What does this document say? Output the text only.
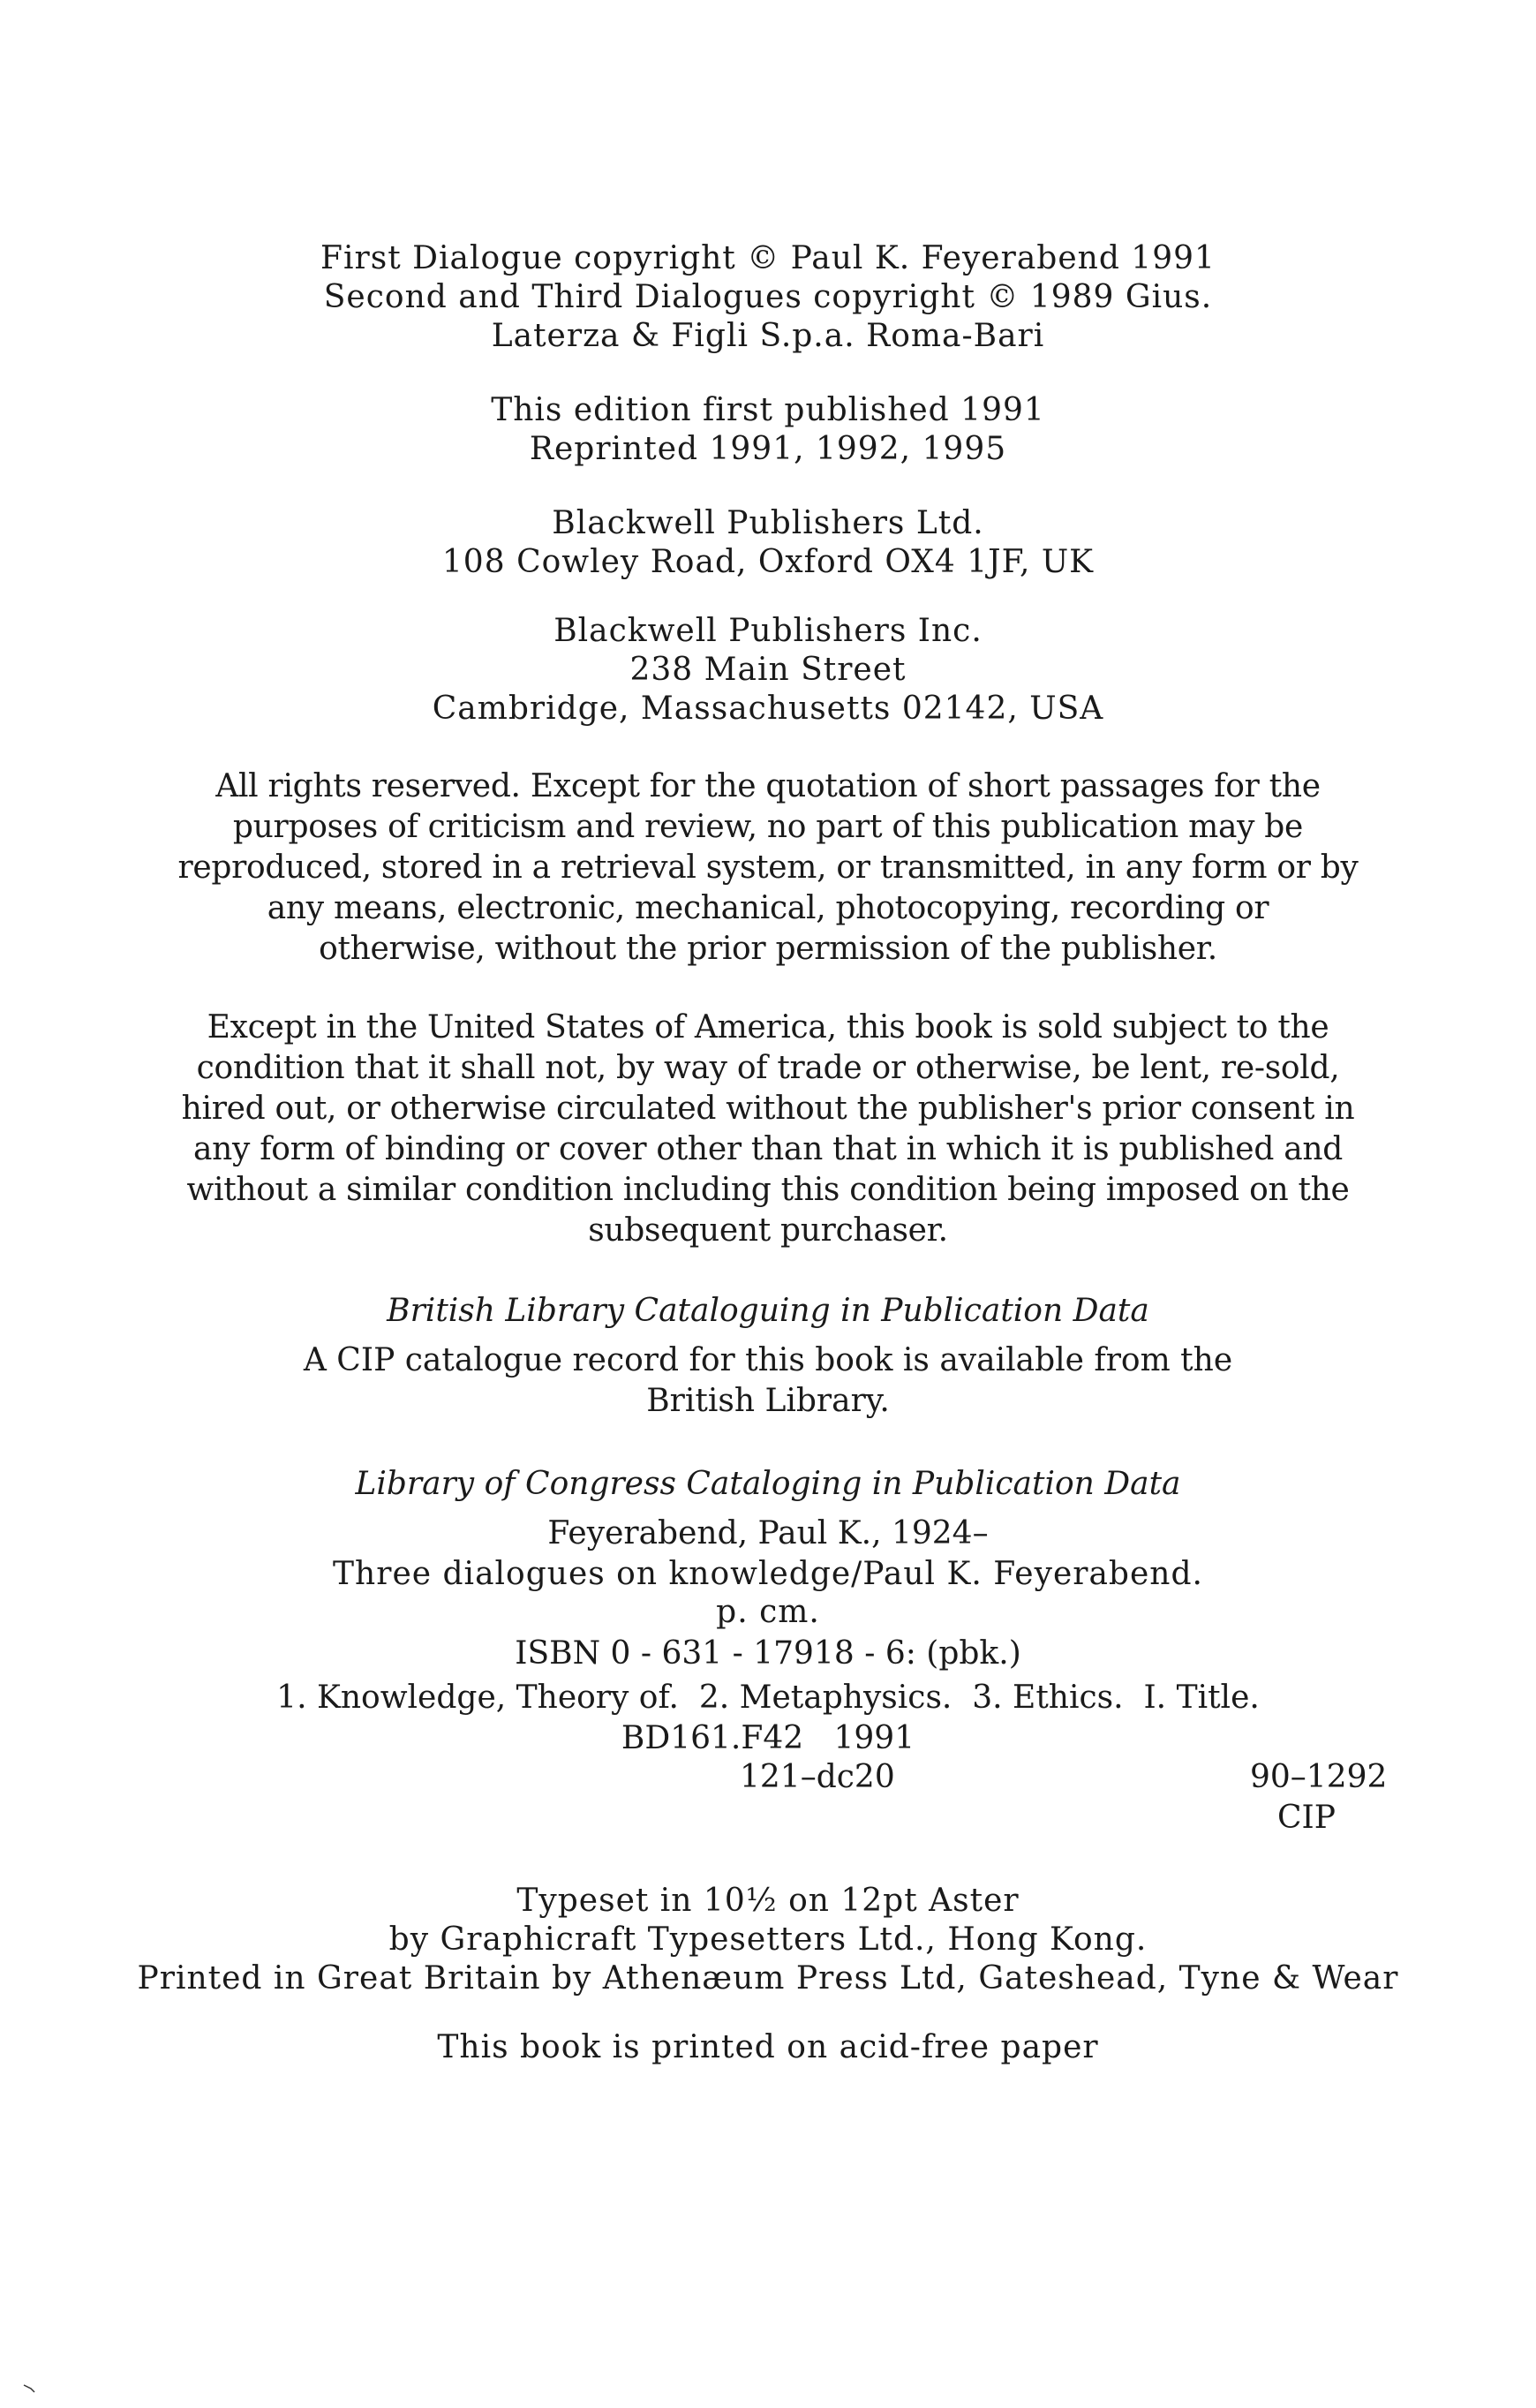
First Dialogue copyright © Paul K. Feyerabend 1991
Second and Third Dialogues copyright © 1989 Gius.
Laterza & Figli S.p.a. Roma-Bari
This edition first published 1991
Reprinted 1991, 1992, 1995
Blackwell Publishers Ltd.
108 Cowley Road, Oxford OX4 1JF, UK
Blackwell Publishers Inc.
238 Main Street
Cambridge, Massachusetts 02142, USA
All rights reserved. Except for the quotation of short passages for the
purposes of criticism and review, no part of this publication may be
reproduced, stored in a retrieval system, or transmitted, in any form or by
any means, electronic, mechanical, photocopying, recording or
otherwise, without the prior permission of the publisher.
Except in the United States of America, this book is sold subject to the
condition that it shall not, by way of trade or otherwise, be lent, re-sold,
hired out, or otherwise circulated without the publisher's prior consent in
any form of binding or cover other than that in which it is published and
without a similar condition including this condition being imposed on the
subsequent purchaser.
British Library Cataloguing in Publication Data
A CIP catalogue record for this book is available from the
British Library.
Library of Congress Cataloging in Publication Data
Feyerabend, Paul K., 1924–
Three dialogues on knowledge/Paul K. Feyerabend.
p. cm.
ISBN 0 - 631 - 17918 - 6: (pbk.)
1. Knowledge, Theory of.  2. Metaphysics.  3. Ethics.  I. Title.
BD161.F42   1991
121–dc20	90–1292
CIP
Typeset in 10½ on 12pt Aster
by Graphicraft Typesetters Ltd., Hong Kong.
Printed in Great Britain by Athenæum Press Ltd, Gateshead, Tyne & Wear
This book is printed on acid-free paper
